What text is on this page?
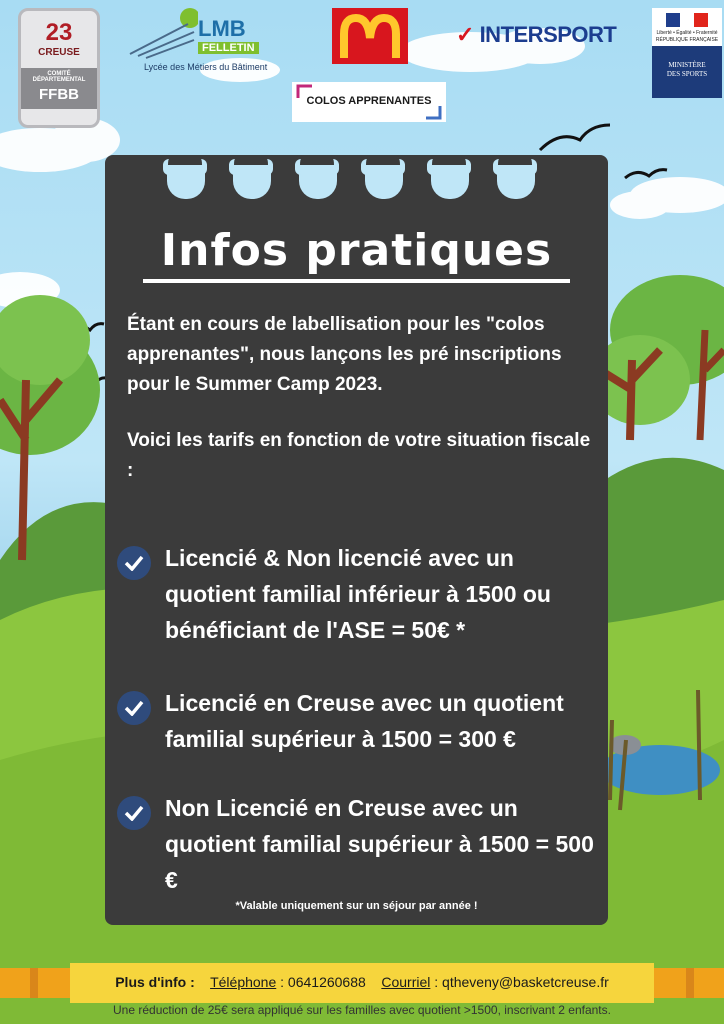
23
CREUSE
COMITÉ DÉPARTEMENTAL
FFBB
LMB
FELLETIN
Lycée des Métiers du Bâtiment
✓ INTERSPORT	Liberté • Égalité • Fraternité
RÉPUBLIQUE FRANÇAISE
MINISTÈRE
DES SPORTS
COLOS APPRENANTES
Infos pratiques
Étant en cours de labellisation pour les "colos apprenantes", nous lançons les pré inscriptions pour le Summer Camp 2023.
Voici les tarifs en fonction de votre situation fiscale :
Licencié & Non licencié avec un quotient familial inférieur à 1500 ou bénéficiant de l'ASE = 50€ *
Licencié en Creuse avec un quotient familial supérieur à 1500 = 300 €
Non Licencié en Creuse avec un quotient familial supérieur à 1500 = 500 €
*Valable uniquement sur un séjour par année !
Plus d'info : Téléphone : 0641260688 Courriel : qtheveny@basketcreuse.fr
Une réduction de 25€ sera appliqué sur les familles avec quotient >1500, inscrivant 2 enfants.
